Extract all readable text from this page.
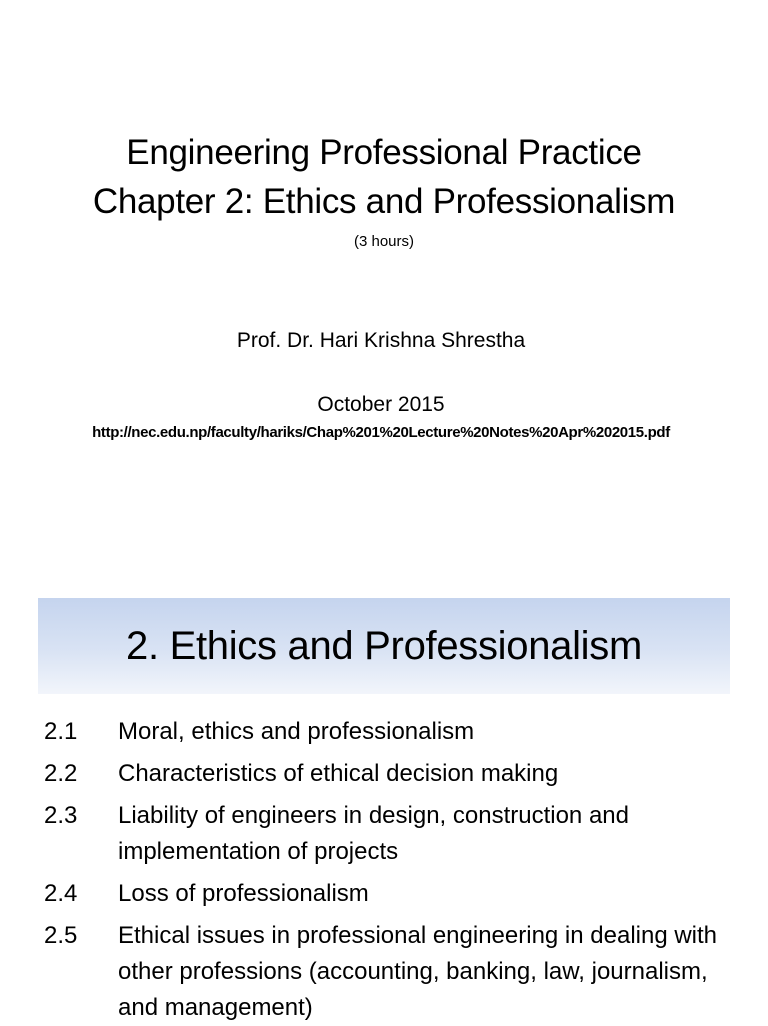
Engineering Professional Practice
Chapter 2: Ethics and Professionalism
(3 hours)
Prof. Dr. Hari Krishna Shrestha
October 2015
http://nec.edu.np/faculty/hariks/Chap%201%20Lecture%20Notes%20Apr%202015.pdf
2. Ethics and Professionalism
2.1 Moral, ethics and professionalism
2.2 Characteristics of ethical decision making
2.3 Liability of engineers in design, construction and implementation of projects
2.4 Loss of professionalism
2.5 Ethical issues in professional engineering in dealing with other professions (accounting, banking, law, journalism, and management)
